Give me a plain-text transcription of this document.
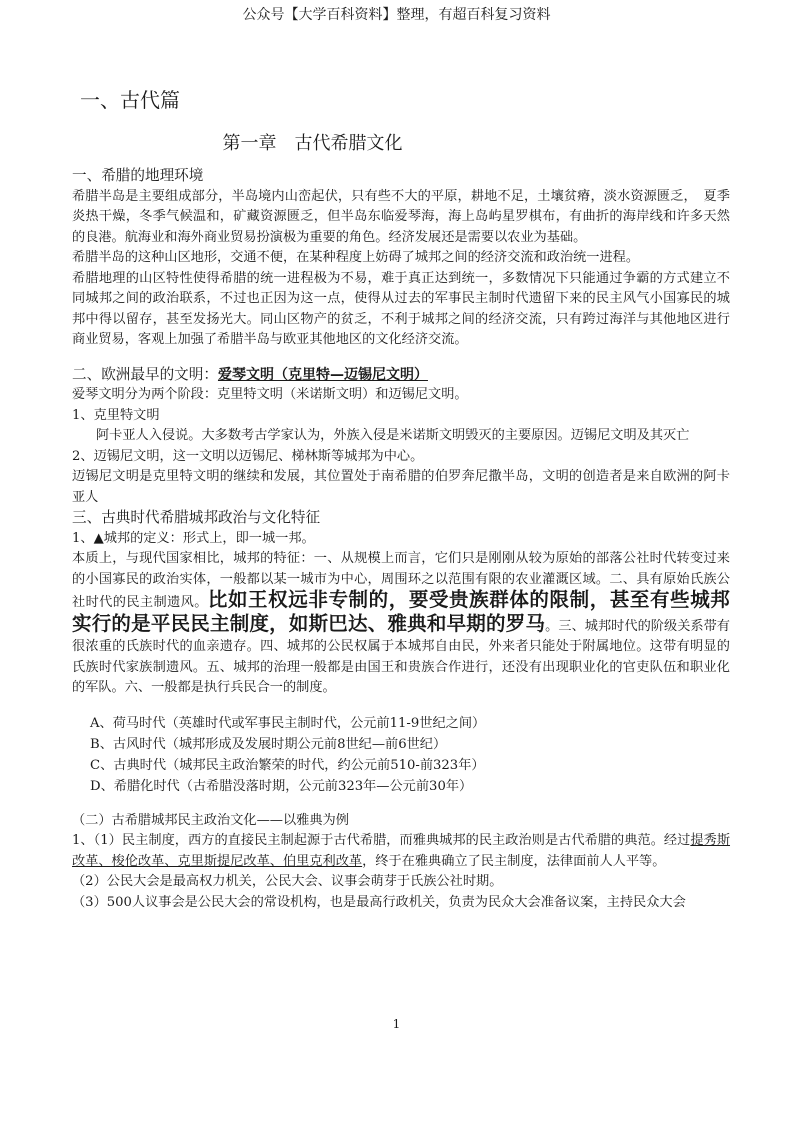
公众号【大学百科资料】整理，有超百科复习资料
一、古代篇
第一章　古代希腊文化

一、希腊的地理环境

希腊半岛是主要组成部分，半岛境内山峦起伏，只有些不大的平原，耕地不足，土壤贫瘠，淡水资源匮乏，　夏季炎热干燥，冬季气候温和，矿藏资源匮乏，但半岛东临爱琴海，海上岛屿星罗棋布，有曲折的海岸线和许多天然的良港。航海业和海外商业贸易扮演极为重要的角色。经济发展还是需要以农业为基础。

希腊半岛的这种山区地形，交通不便，在某种程度上妨碍了城邦之间的经济交流和政治统一进程。

希腊地理的山区特性使得希腊的统一进程极为不易，难于真正达到统一，多数情况下只能通过争霸的方式建立不同城邦之间的政治联系，不过也正因为这一点，使得从过去的军事民主制时代遗留下来的民主风气小国寡民的城邦中得以留存，甚至发扬光大。同山区物产的贫乏，不利于城邦之间的经济交流，只有跨过海洋与其他地区进行商业贸易，客观上加强了希腊半岛与欧亚其他地区的文化经济交流。

二、欧洲最早的文明：爱琴文明（克里特—迈锡尼文明）

爱琴文明分为两个阶段：克里特文明（米诺斯文明）和迈锡尼文明。

1、克里特文明

阿卡亚人入侵说。大多数考古学家认为，外族入侵是米诺斯文明毁灭的主要原因。迈锡尼文明及其灭亡

2、迈锡尼文明，这一文明以迈锡尼、梯林斯等城邦为中心。

迈锡尼文明是克里特文明的继续和发展，其位置处于南希腊的伯罗奔尼撒半岛，文明的创造者是来自欧洲的阿卡亚人

三、古典时代希腊城邦政治与文化特征

1、▲城邦的定义：形式上，即一城一邦。

本质上，与现代国家相比，城邦的特征：一、从规模上而言，它们只是刚刚从较为原始的部落公社时代转变过来的小国寡民的政治实体，一般都以某一城市为中心，周围环之以范围有限的农业灌溉区域。二、具有原始氏族公社时代的民主制遗风。比如王权远非专制的，要受贵族群体的限制，甚至有些城邦实行的是平民民主制度，如斯巴达、雅典和早期的罗马。三、城邦时代的阶级关系带有很浓重的氏族时代的血亲遗存。四、城邦的公民权属于本城邦自由民，外来者只能处于附属地位。这带有明显的氏族时代家族制遗风。五、城邦的治理一般都是由国王和贵族合作进行，还没有出现职业化的官吏队伍和职业化的军队。六、一般都是执行兵民合一的制度。

A、荷马时代（英雄时代或军事民主制时代，公元前11-9世纪之间）

B、古风时代（城邦形成及发展时期公元前8世纪—前6世纪）

C、古典时代（城邦民主政治繁荣的时代，约公元前510-前323年）

D、希腊化时代（古希腊没落时期，公元前323年—公元前30年）

（二）古希腊城邦民主政治文化——以雅典为例

1、（1）民主制度，西方的直接民主制起源于古代希腊，而雅典城邦的民主政治则是古代希腊的典范。经过提秀斯改革、梭伦改革、克里斯提尼改革、伯里克利改革，终于在雅典确立了民主制度，法律面前人人平等。

（2）公民大会是最高权力机关，公民大会、议事会萌芽于氏族公社时期。

（3）500人议事会是公民大会的常设机构，也是最高行政机关，负责为民众大会准备议案，主持民众大会

1
